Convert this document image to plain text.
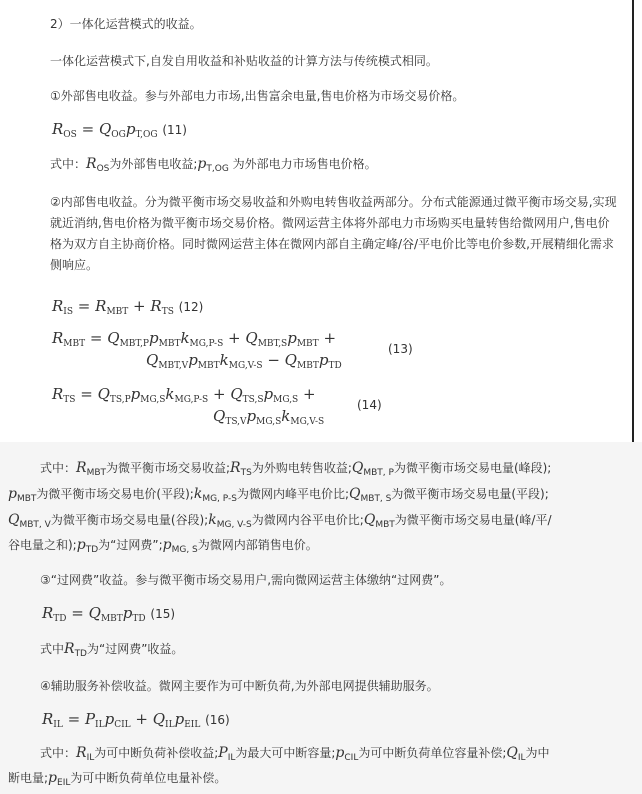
2）一体化运营模式的收益。
一体化运营模式下,自发自用收益和补贴收益的计算方法与传统模式相同。
①外部售电收益。参与外部电力市场,出售富余电量,售电价格为市场交易价格。
$R_{OS} = Q_{OG}p_{T,OG}$ (11)
式中：$R_{OS}$为外部售电收益$;p_{T,OG}$ 为外部电力市场售电价格。
②内部售电收益。分为微平衡市场交易收益和外购电转售收益两部分。分布式能源通过微平衡市场交易,实现就近消纳,售电价格为微平衡市场交易价格。微网运营主体将外部电力市场购买电量转售给微网用户,售电价格为双方自主协商价格。同时微网运营主体在微网内部自主确定峰/谷/平电价比等电价参数,开展精细化需求侧响应。
$R_{IS} = R_{MBT} + R_{TS}$ (12)
$R_{MBT} = Q_{MBT,P}p_{MBT}k_{MG,P-S} + Q_{MBT,S}p_{MBT}$ +
$Q_{MBT,V}p_{MBT}k_{MG,V-S} - Q_{MBT}p_{TD}$
(13)
$R_{TS} = Q_{TS,P}p_{MG,S}k_{MG,P-S} + Q_{TS,S}p_{MG,S}$ +
$Q_{TS,V}p_{MG,S}k_{MG,V-S}$
(14)
式中：$R_{MBT}$为微平衡市场交易收益$;R_{TS}$为外购电转售收益$;Q_{MBT, P}$为微平衡市场交易电量(峰段);
$p_{MBT}$为微平衡市场交易电价(平段)$;k_{MG, P-S}$为微网内峰平电价比$;Q_{MBT, S}$为微平衡市场交易电量(平段);
$Q_{MBT, V}$为微平衡市场交易电量(谷段)$;k_{MG, V-S}$为微网内谷平电价比$;Q_{MBT}$为微平衡市场交易电量(峰/平/
谷电量之和)$;p_{TD}$为“过网费$”;p_{MG, S}$为微网内部销售电价。
③“过网费”收益。参与微平衡市场交易用户,需向微网运营主体缴纳“过网费”。
$R_{TD} = Q_{MBT}p_{TD}$ (15)
式中$R_{TD}$为“过网费”收益。
④辅助服务补偿收益。微网主要作为可中断负荷,为外部电网提供辅助服务。
$R_{IL} = P_{IL}p_{CIL} + Q_{IL}p_{EIL}$ (16)
式中：$R_{IL}$为可中断负荷补偿收益$;P_{IL}$为最大可中断容量$;p_{CIL}$为可中断负荷单位容量补偿$;Q_{IL}$为中
断电量$;p_{EIL}$为可中断负荷单位电量补偿。
